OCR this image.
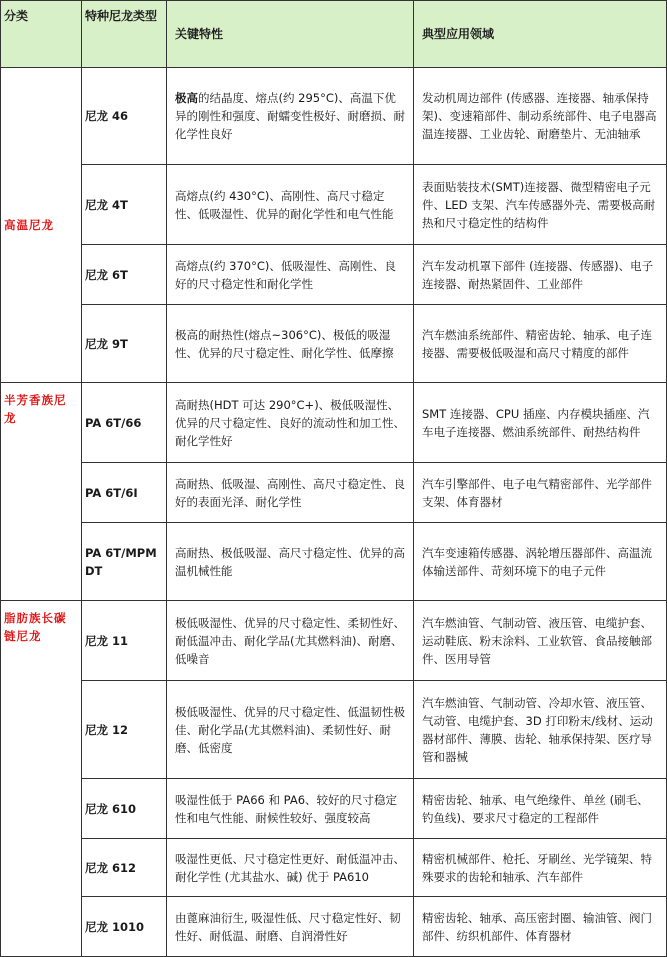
分类	特种尼龙类型	关键特性	典型应用领域
高温尼龙	尼龙 46	极高的结晶度、熔点(约 295°C)、高温下优异的刚性和强度、耐蠕变性极好、耐磨损、耐化学性良好	发动机周边部件 (传感器、连接器、轴承保持架)、变速箱部件、制动系统部件、电子电器高温连接器、工业齿轮、耐磨垫片、无油轴承
	尼龙 4T	高熔点(约 430°C)、高刚性、高尺寸稳定性、低吸湿性、优异的耐化学性和电气性能	表面贴装技术(SMT)连接器、微型精密电子元件、LED 支架、汽车传感器外壳、需要极高耐热和尺寸稳定性的结构件
	尼龙 6T	高熔点(约 370°C)、低吸湿性、高刚性、良好的尺寸稳定性和耐化学性	汽车发动机罩下部件 (连接器、传感器)、电子连接器、耐热紧固件、工业部件
	尼龙 9T	极高的耐热性(熔点~306°C)、极低的吸湿性、优异的尺寸稳定性、耐化学性、低摩擦	汽车燃油系统部件、精密齿轮、轴承、电子连接器、需要极低吸湿和高尺寸精度的部件
半芳香族尼龙	PA 6T/66	高耐热(HDT 可达 290°C+)、极低吸湿性、优异的尺寸稳定性、良好的流动性和加工性、耐化学性好	SMT 连接器、CPU 插座、内存模块插座、汽车电子连接器、燃油系统部件、耐热结构件
	PA 6T/6I	高耐热、低吸湿、高刚性、高尺寸稳定性、良好的表面光泽、耐化学性	汽车引擎部件、电子电气精密部件、光学部件支架、体育器材
	PA 6T/MPMDT	高耐热、极低吸湿、高尺寸稳定性、优异的高温机械性能	汽车变速箱传感器、涡轮增压器部件、高温流体输送部件、苛刻环境下的电子元件
脂肪族长碳链尼龙	尼龙 11	极低吸湿性、优异的尺寸稳定性、柔韧性好、耐低温冲击、耐化学品(尤其燃料油)、耐磨、低噪音	汽车燃油管、气制动管、液压管、电缆护套、运动鞋底、粉末涂料、工业软管、食品接触部件、医用导管
	尼龙 12	极低吸湿性、优异的尺寸稳定性、低温韧性极佳、耐化学品(尤其燃料油)、柔韧性好、耐磨、低密度	汽车燃油管、气制动管、冷却水管、液压管、气动管、电缆护套、3D 打印粉末/线材、运动器材部件、薄膜、齿轮、轴承保持架、医疗导管和器械
	尼龙 610	吸湿性低于 PA66 和 PA6、较好的尺寸稳定性和电气性能、耐候性较好、强度较高	精密齿轮、轴承、电气绝缘件、单丝 (刷毛、钓鱼线)、要求尺寸稳定的工程部件
	尼龙 612	吸湿性更低、尺寸稳定性更好、耐低温冲击、耐化学性 (尤其盐水、碱) 优于 PA610	精密机械部件、枪托、牙刷丝、光学镜架、特殊要求的齿轮和轴承、汽车部件
	尼龙 1010	由蓖麻油衍生, 吸湿性低、尺寸稳定性好、韧性好、耐低温、耐磨、自润滑性好	精密齿轮、轴承、高压密封圈、输油管、阀门部件、纺织机部件、体育器材
